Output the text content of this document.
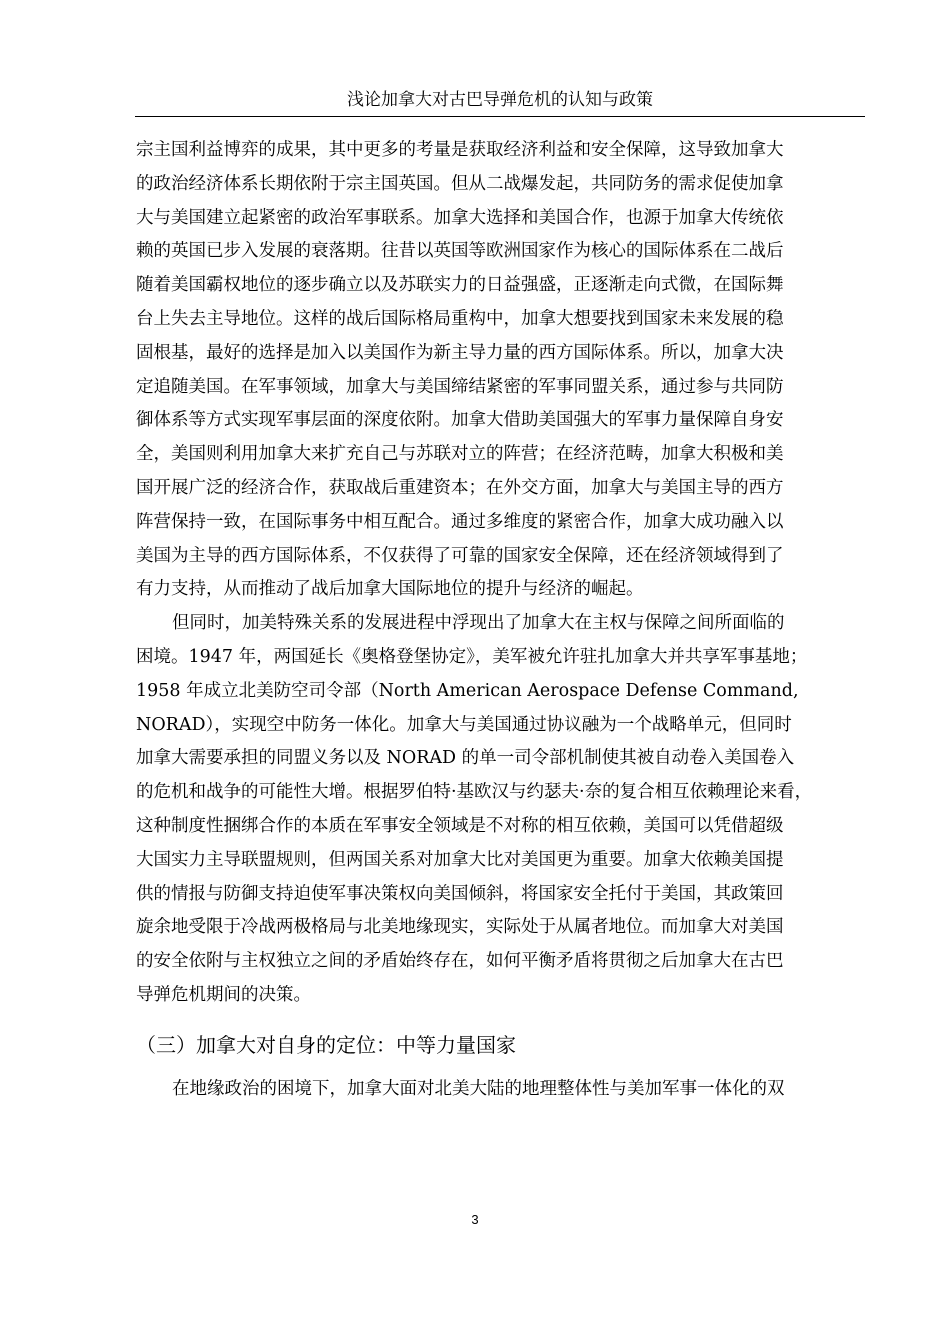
浅论加拿大对古巴导弹危机的认知与政策
宗主国利益博弈的成果，其中更多的考量是获取经济利益和安全保障，这导致加拿大
的政治经济体系长期依附于宗主国英国。但从二战爆发起，共同防务的需求促使加拿
大与美国建立起紧密的政治军事联系。加拿大选择和美国合作，也源于加拿大传统依
赖的英国已步入发展的衰落期。往昔以英国等欧洲国家作为核心的国际体系在二战后
随着美国霸权地位的逐步确立以及苏联实力的日益强盛，正逐渐走向式微，在国际舞
台上失去主导地位。这样的战后国际格局重构中，加拿大想要找到国家未来发展的稳
固根基，最好的选择是加入以美国作为新主导力量的西方国际体系。所以，加拿大决
定追随美国。在军事领域，加拿大与美国缔结紧密的军事同盟关系，通过参与共同防
御体系等方式实现军事层面的深度依附。加拿大借助美国强大的军事力量保障自身安
全，美国则利用加拿大来扩充自己与苏联对立的阵营；在经济范畴，加拿大积极和美
国开展广泛的经济合作，获取战后重建资本；在外交方面，加拿大与美国主导的西方
阵营保持一致，在国际事务中相互配合。通过多维度的紧密合作，加拿大成功融入以
美国为主导的西方国际体系，不仅获得了可靠的国家安全保障，还在经济领域得到了
有力支持，从而推动了战后加拿大国际地位的提升与经济的崛起。
但同时，加美特殊关系的发展进程中浮现出了加拿大在主权与保障之间所面临的
困境。1947 年，两国延长《奥格登堡协定》，美军被允许驻扎加拿大并共享军事基地；
1958 年成立北美防空司令部（North American Aerospace Defense Command,
NORAD），实现空中防务一体化。加拿大与美国通过协议融为一个战略单元，但同时
加拿大需要承担的同盟义务以及 NORAD 的单一司令部机制使其被自动卷入美国卷入
的危机和战争的可能性大增。根据罗伯特·基欧汉与约瑟夫·奈的复合相互依赖理论来看，
这种制度性捆绑合作的本质在军事安全领域是不对称的相互依赖，美国可以凭借超级
大国实力主导联盟规则，但两国关系对加拿大比对美国更为重要。加拿大依赖美国提
供的情报与防御支持迫使军事决策权向美国倾斜，将国家安全托付于美国，其政策回
旋余地受限于冷战两极格局与北美地缘现实，实际处于从属者地位。而加拿大对美国
的安全依附与主权独立之间的矛盾始终存在，如何平衡矛盾将贯彻之后加拿大在古巴
导弹危机期间的决策。
（三）加拿大对自身的定位：中等力量国家
在地缘政治的困境下，加拿大面对北美大陆的地理整体性与美加军事一体化的双
3
